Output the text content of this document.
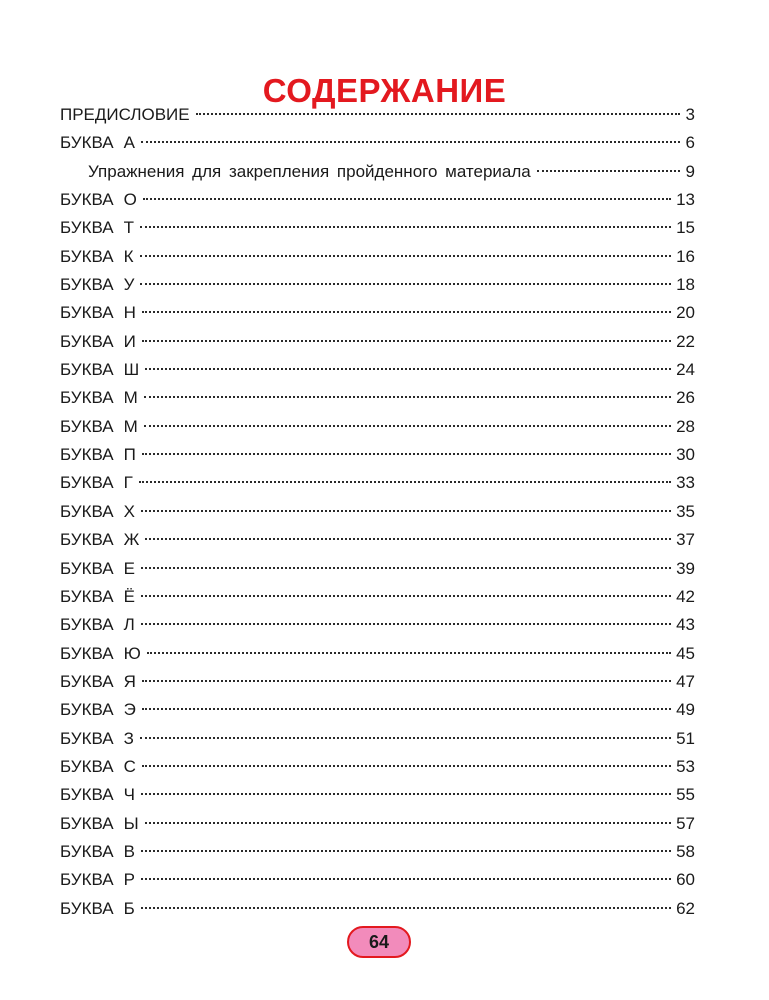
СОДЕРЖАНИЕ
ПРЕДИСЛОВИЕ	3
БУКВА А	6
Упражнения для закрепления пройденного материала	9
БУКВА О	13
БУКВА Т	15
БУКВА К	16
БУКВА У	18
БУКВА Н	20
БУКВА И	22
БУКВА Ш	24
БУКВА М	26
БУКВА М	28
БУКВА П	30
БУКВА Г	33
БУКВА Х	35
БУКВА Ж	37
БУКВА Е	39
БУКВА Ё	42
БУКВА Л	43
БУКВА Ю	45
БУКВА Я	47
БУКВА Э	49
БУКВА З	51
БУКВА С	53
БУКВА Ч	55
БУКВА Ы	57
БУКВА В	58
БУКВА Р	60
БУКВА Б	62
64
